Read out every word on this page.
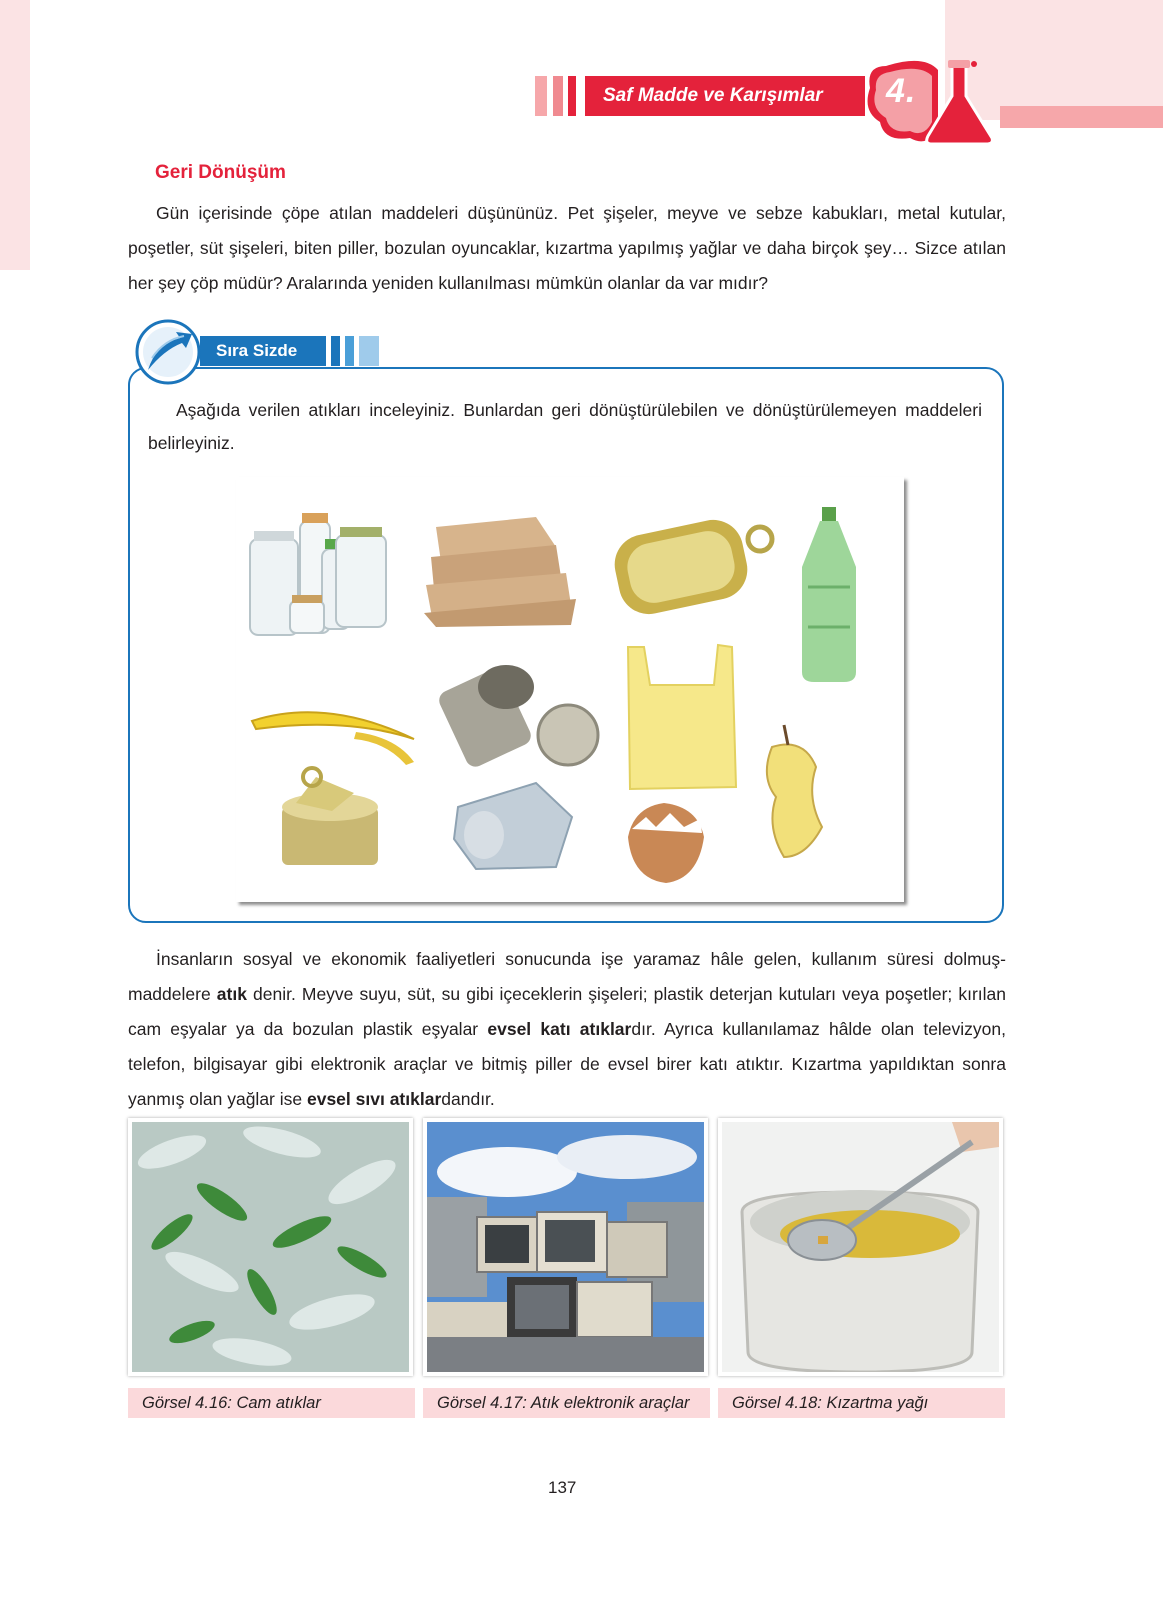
Saf Madde ve Karışımlar	4.
Geri Dönüşüm

Gün içerisinde çöpe atılan maddeleri düşününüz. Pet şişeler, meyve ve sebze kabukları, metal kutular, poşetler, süt şişeleri, biten piller, bozulan oyuncaklar, kızartma yapılmış yağlar ve daha birçok şey… Sizce atılan her şey çöp müdür? Aralarında yeniden kullanılması mümkün olanlar da var mıdır?

Sıra Sizde

Aşağıda verilen atıkları inceleyiniz. Bunlardan geri dönüştürülebilen ve dönüştürülemeyen maddeleri belirleyiniz.

İnsanların sosyal ve ekonomik faaliyetleri sonucunda işe yaramaz hâle gelen, kullanım süresi dolmuş-maddelere atık denir. Meyve suyu, süt, su gibi içeceklerin şişeleri; plastik deterjan kutuları veya poşetler; kırılan cam eşyalar ya da bozulan plastik eşyalar evsel katı atıklardır. Ayrıca kullanılamaz hâlde olan televizyon, telefon, bilgisayar gibi elektronik araçlar ve bitmiş piller de evsel birer katı atıktır. Kızartma yapıldıktan sonra yanmış olan yağlar ise evsel sıvı atıklardandır.

Görsel 4.16: Cam atıklar	Görsel 4.17: Atık elektronik araçlar	Görsel 4.18: Kızartma yağı
137
